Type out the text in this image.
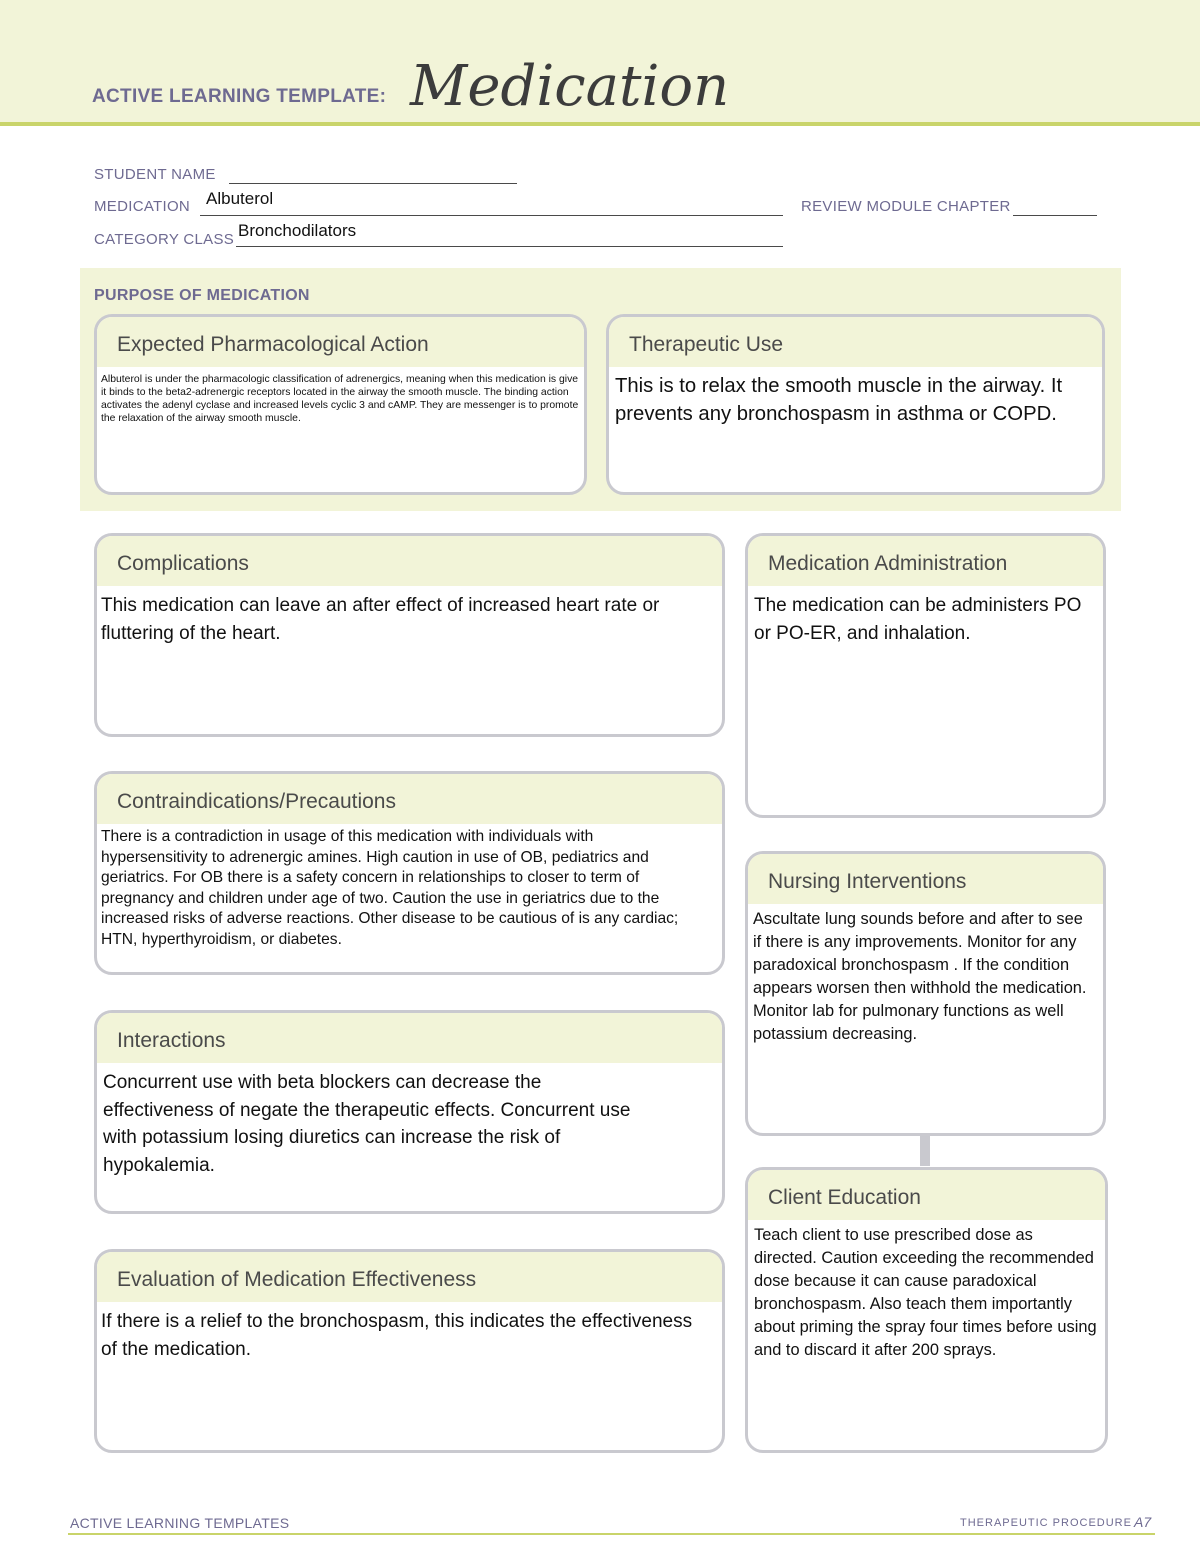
ACTIVE LEARNING TEMPLATE: Medication
STUDENT NAME
MEDICATION Albuterol	REVIEW MODULE CHAPTER
CATEGORY CLASS Bronchodilators
PURPOSE OF MEDICATION
Expected Pharmacological Action
Albuterol is under the pharmacologic classification of adrenergics, meaning when this medication is give it binds to the beta2-adrenergic receptors located in the airway the smooth muscle. The binding action activates the adenyl cyclase and increased levels cyclic 3 and cAMP. They are messenger is to promote the relaxation of the airway smooth muscle.
Therapeutic Use
This is to relax the smooth muscle in the airway. It prevents any bronchospasm in asthma or COPD.
Complications
This medication can leave an after effect of increased heart rate or fluttering of the heart.
Contraindications/Precautions
There is a contradiction in usage of this medication with individuals with hypersensitivity to adrenergic amines. High caution in use of OB, pediatrics and geriatrics. For OB there is a safety concern in relationships to closer to term of pregnancy and children under age of two. Caution the use in geriatrics due to the increased risks of adverse reactions. Other disease to be cautious of is any cardiac; HTN, hyperthyroidism, or diabetes.
Interactions
Concurrent use with beta blockers can decrease the effectiveness of negate the therapeutic effects. Concurrent use with potassium losing diuretics can increase the risk of hypokalemia.
Evaluation of Medication Effectiveness
If there is a relief to the bronchospasm, this indicates the effectiveness of the medication.
Medication Administration
The medication can be administers PO or PO-ER, and inhalation.
Nursing Interventions
Ascultate lung sounds before and after to see if there is any improvements. Monitor for any paradoxical bronchospasm . If the condition appears worsen then withhold the medication. Monitor lab for pulmonary functions as well potassium decreasing.
Client Education
Teach client to use prescribed dose as directed. Caution exceeding the recommended dose because it can cause paradoxical bronchospasm. Also teach them importantly about priming the spray four times before using and to discard it after 200 sprays.
ACTIVE LEARNING TEMPLATES	THERAPEUTIC PROCEDURE A7
